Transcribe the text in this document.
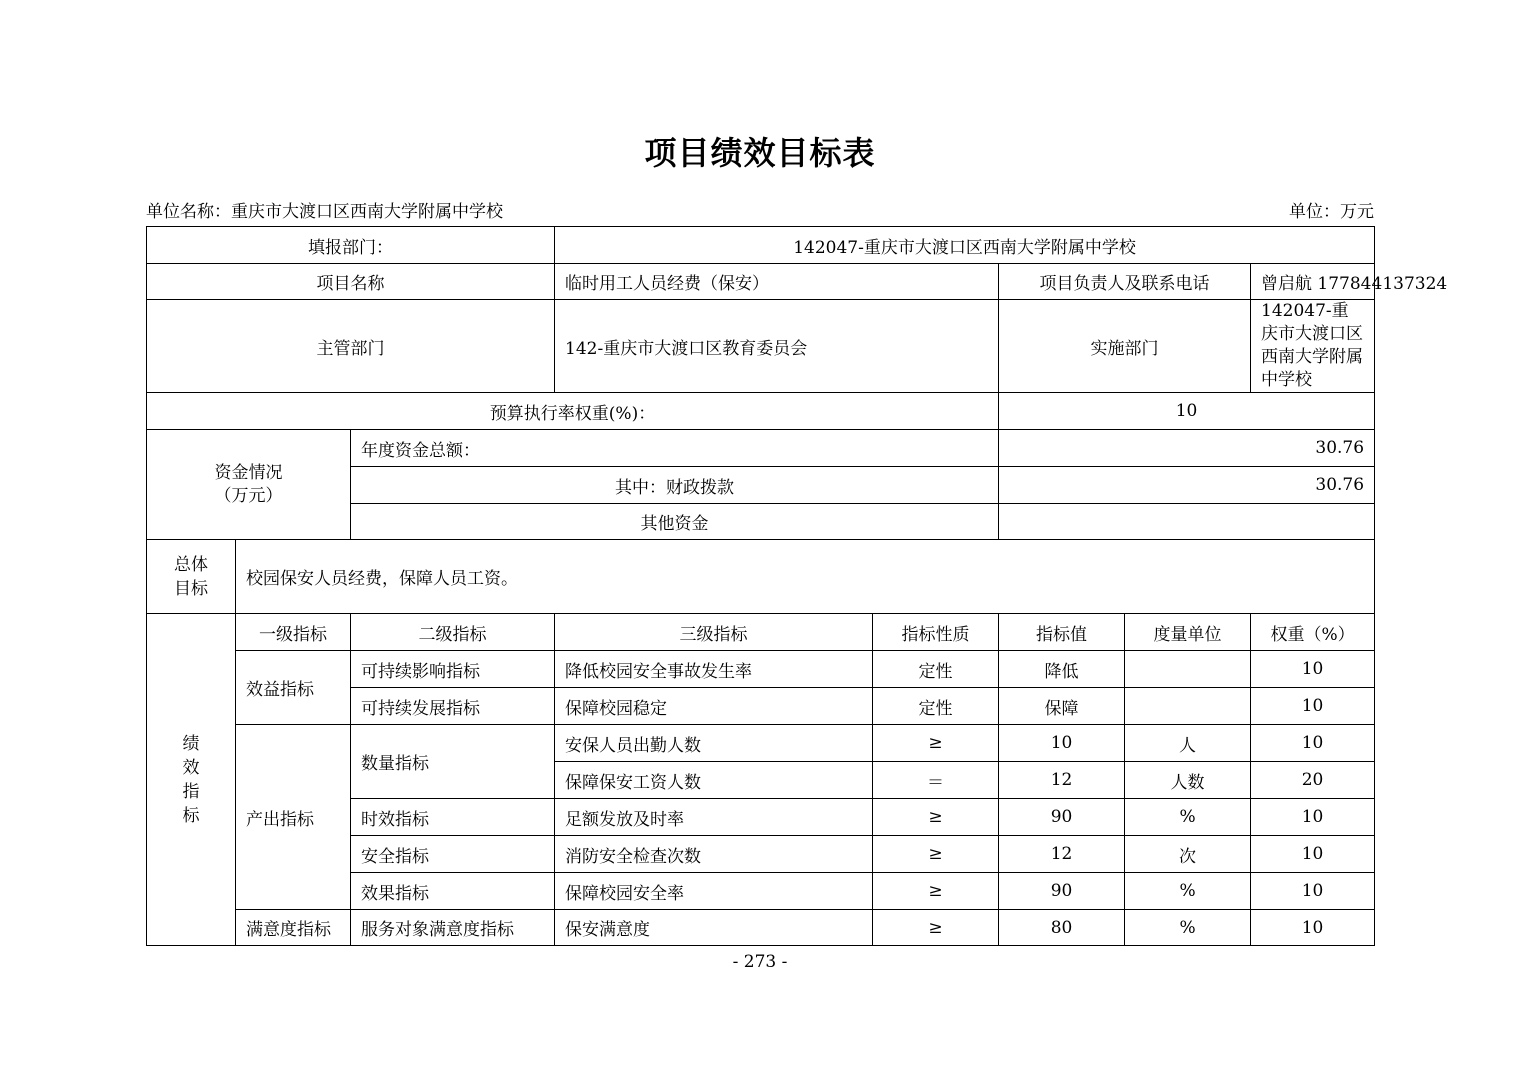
项目绩效目标表
单位名称：重庆市大渡口区西南大学附属中学校	单位：万元
填报部门：			142047-重庆市大渡口区西南大学附属中学校				
项目名称			临时用工人员经费（保安）		项目负责人及联系电话		曾启航 177844137324
主管部门			142-重庆市大渡口区教育委员会		实施部门		142047-重庆市大渡口区西南大学附属中学校
预算执行率权重(%)：					10		
资金情况（万元）		年度资金总额：			30.76		
		其中：财政拨款			30.76		
		其他资金					

总体目标	校园保安人员经费，保障人员工资。						

绩效指标	一级指标	二级指标	三级指标	指标性质	指标值	度量单位	权重（%）
	效益指标	可持续影响指标	降低校园安全事故发生率	定性	降低		10
		可持续发展指标	保障校园稳定	定性	保障		10
	产出指标	数量指标	安保人员出勤人数	≥	10	人	10
			保障保安工资人数	＝	12	人数	20
		时效指标	足额发放及时率	≥	90	%	10
		安全指标	消防安全检查次数	≥	12	次	10
		效果指标	保障校园安全率	≥	90	%	10
	满意度指标	服务对象满意度指标	保安满意度	≥	80	%	10
- 273 -
